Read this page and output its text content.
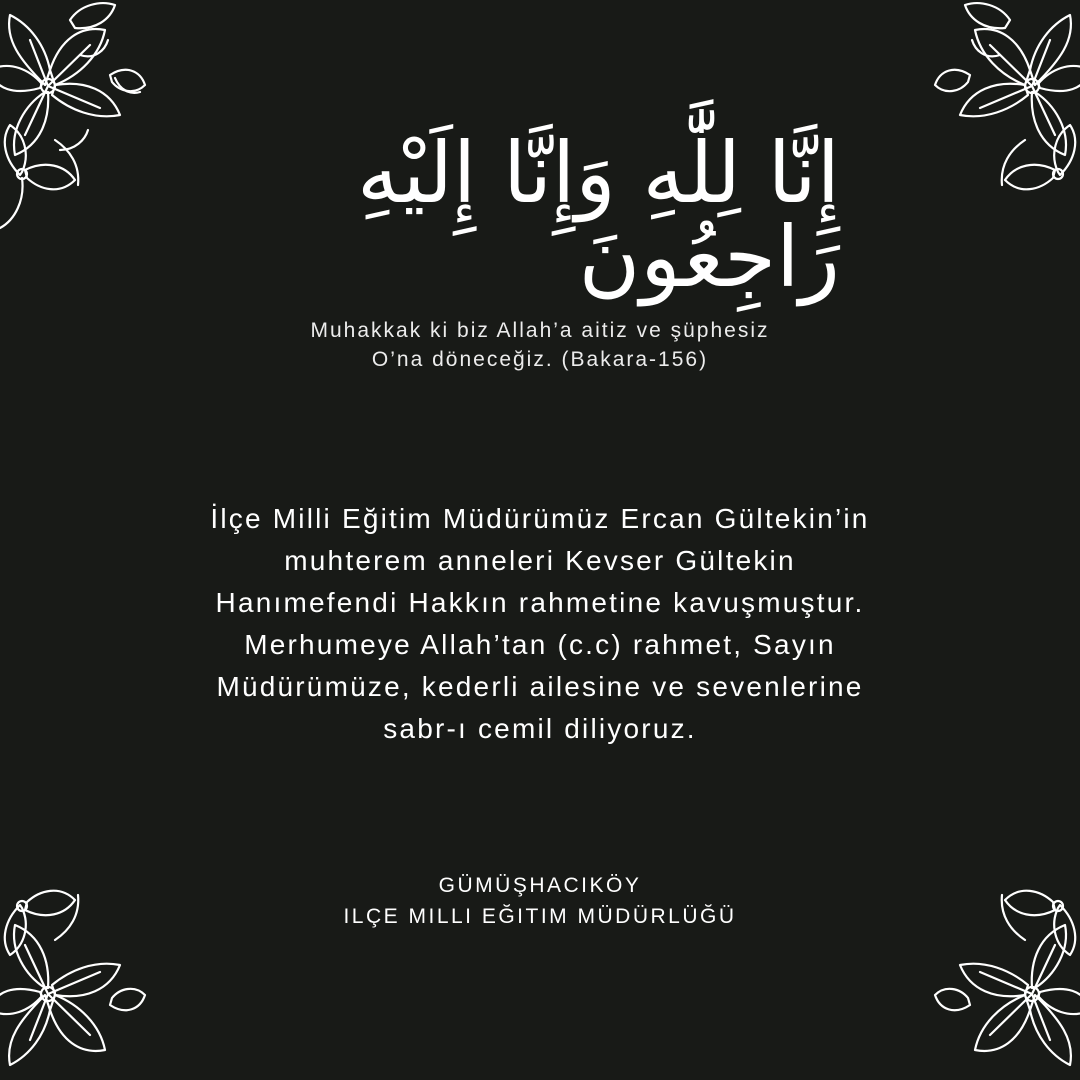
إِنَّا لِلَّٰهِ وَإِنَّا إِلَيْهِ رَاجِعُونَ
Muhakkak ki biz Allah’a aitiz ve şüphesiz
O’na döneceğiz. (Bakara-156)
İlçe Milli Eğitim Müdürümüz Ercan Gültekin’in
muhterem anneleri Kevser Gültekin
Hanımefendi Hakkın rahmetine kavuşmuştur.
Merhumeye Allah’tan (c.c) rahmet, Sayın
Müdürümüze, kederli ailesine ve sevenlerine
sabr-ı cemil diliyoruz.
GÜMÜŞHACIKÖY
ILÇE MILLI EĞITIM MÜDÜRLÜĞÜ
